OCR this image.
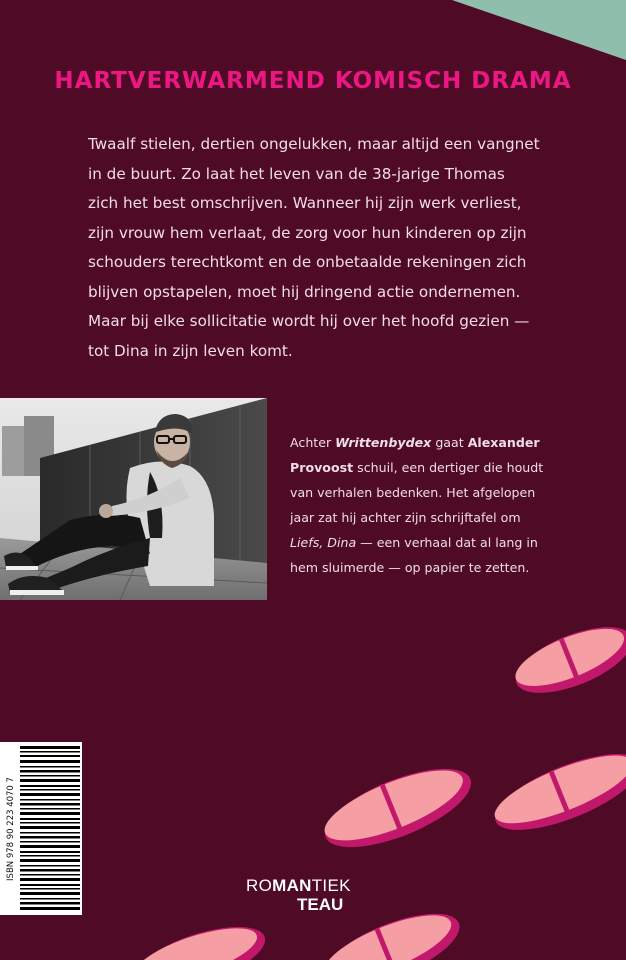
HARTVERWARMEND KOMISCH DRAMA
Twaalf stielen, dertien ongelukken, maar altijd een vangnet
in de buurt. Zo laat het leven van de 38-jarige Thomas
zich het best omschrijven. Wanneer hij zijn werk verliest,
zijn vrouw hem verlaat, de zorg voor hun kinderen op zijn
schouders terechtkomt en de onbetaalde rekeningen zich
blijven opstapelen, moet hij dringend actie ondernemen.
Maar bij elke sollicitatie wordt hij over het hoofd gezien —
tot Dina in zijn leven komt.
Achter Writtenbydex gaat Alexander Provoost schuil, een dertiger die houdt van verhalen bedenken. Het afgelopen jaar zat hij achter zijn schrijftafel om Liefs, Dina — een verhaal dat al lang in hem sluimerde — op papier te zetten.
ISBN 978 90 223 4070 7
ROMANTIEK
TEAU
